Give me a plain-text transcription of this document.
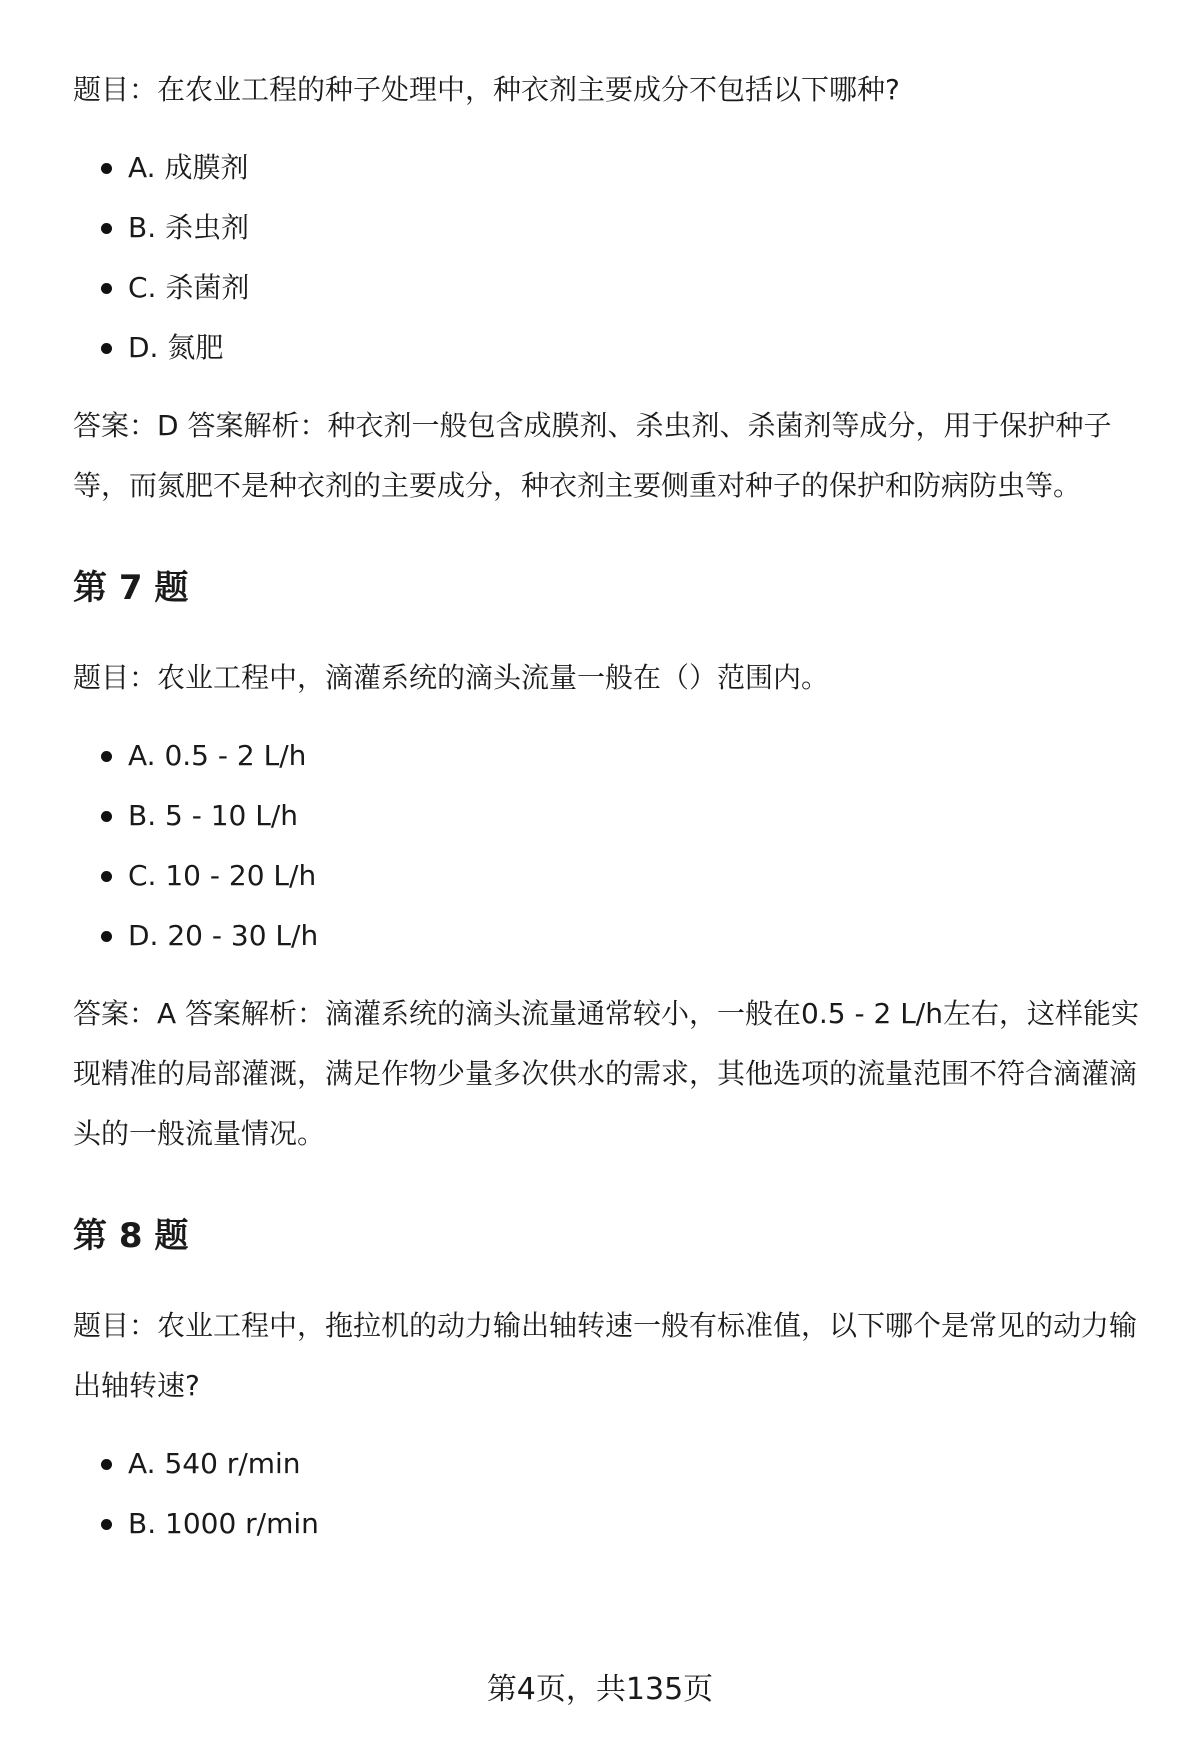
题目：在农业工程的种子处理中，种衣剂主要成分不包括以下哪种?

A. 成膜剂
B. 杀虫剂
C. 杀菌剂
D. 氮肥

答案：D 答案解析：种衣剂一般包含成膜剂、杀虫剂、杀菌剂等成分，用于保护种子等，而氮肥不是种衣剂的主要成分，种衣剂主要侧重对种子的保护和防病防虫等。

第 7 题

题目：农业工程中，滴灌系统的滴头流量一般在（）范围内。

A. 0.5 - 2 L/h
B. 5 - 10 L/h
C. 10 - 20 L/h
D. 20 - 30 L/h

答案：A 答案解析：滴灌系统的滴头流量通常较小，一般在0.5 - 2 L/h左右，这样能实现精准的局部灌溉，满足作物少量多次供水的需求，其他选项的流量范围不符合滴灌滴头的一般流量情况。

第 8 题

题目：农业工程中，拖拉机的动力输出轴转速一般有标准值，以下哪个是常见的动力输出轴转速?

A. 540 r/min
B. 1000 r/min
第4页，共135页
